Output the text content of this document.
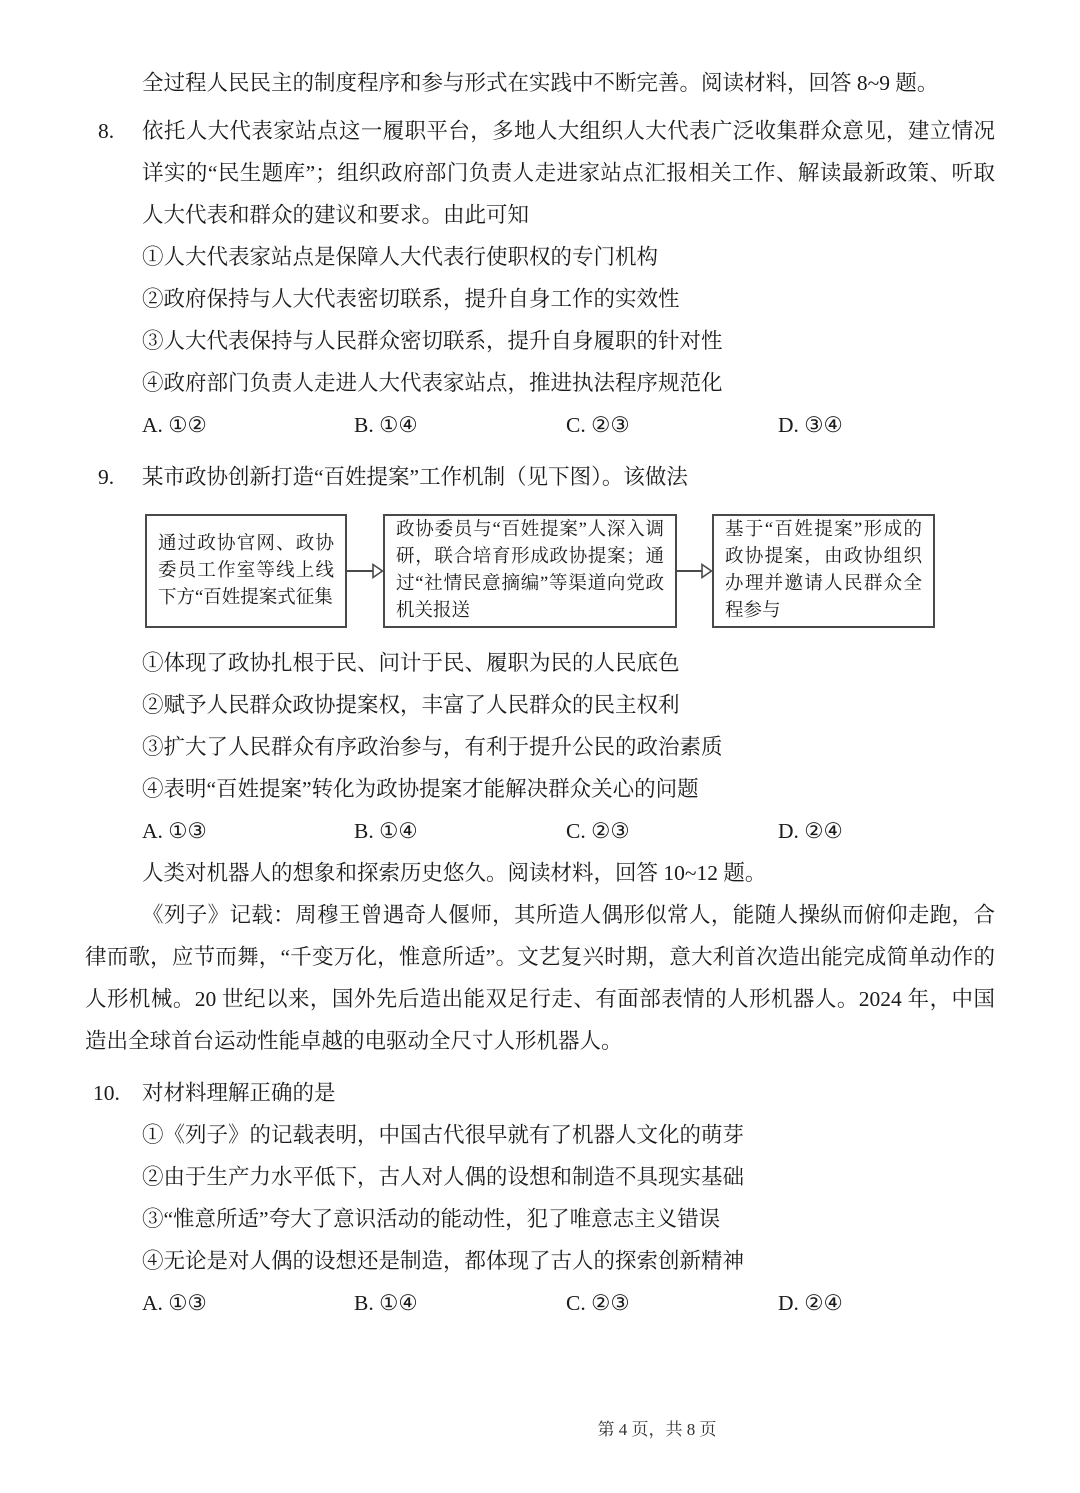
全过程人民民主的制度程序和参与形式在实践中不断完善。阅读材料，回答 8~9 题。

8.	依托人大代表家站点这一履职平台，多地人大组织人大代表广泛收集群众意见，建立情况详实的“民生题库”；组织政府部门负责人走进家站点汇报相关工作、解读最新政策、听取人大代表和群众的建议和要求。由此可知
①人大代表家站点是保障人大代表行使职权的专门机构
②政府保持与人大代表密切联系，提升自身工作的实效性
③人大代表保持与人民群众密切联系，提升自身履职的针对性
④政府部门负责人走进人大代表家站点，推进执法程序规范化
A. ①②	B. ①④	C. ②③	D. ③④
9.	某市政协创新打造“百姓提案”工作机制（见下图）。该做法
通过政协官网、政协委员工作室等线上线下方“百姓提案式征集
政协委员与“百姓提案”人深入调研，联合培育形成政协提案；通过“社情民意摘编”等渠道向党政机关报送
基于“百姓提案”形成的政协提案，由政协组织办理并邀请人民群众全程参与
①体现了政协扎根于民、问计于民、履职为民的人民底色
②赋予人民群众政协提案权，丰富了人民群众的民主权利
③扩大了人民群众有序政治参与，有利于提升公民的政治素质
④表明“百姓提案”转化为政协提案才能解决群众关心的问题
A. ①③	B. ①④	C. ②③	D. ②④

人类对机器人的想象和探索历史悠久。阅读材料，回答 10~12 题。

《列子》记载：周穆王曾遇奇人偃师，其所造人偶形似常人，能随人操纵而俯仰走跑，合律而歌，应节而舞，“千变万化，惟意所适”。文艺复兴时期，意大利首次造出能完成简单动作的人形机械。20 世纪以来，国外先后造出能双足行走、有面部表情的人形机器人。2024 年，中国造出全球首台运动性能卓越的电驱动全尺寸人形机器人。

10.	对材料理解正确的是
①《列子》的记载表明，中国古代很早就有了机器人文化的萌芽
②由于生产力水平低下，古人对人偶的设想和制造不具现实基础
③“惟意所适”夸大了意识活动的能动性，犯了唯意志主义错误
④无论是对人偶的设想还是制造，都体现了古人的探索创新精神
A. ①③	B. ①④	C. ②③	D. ②④
第 4 页，共 8 页
